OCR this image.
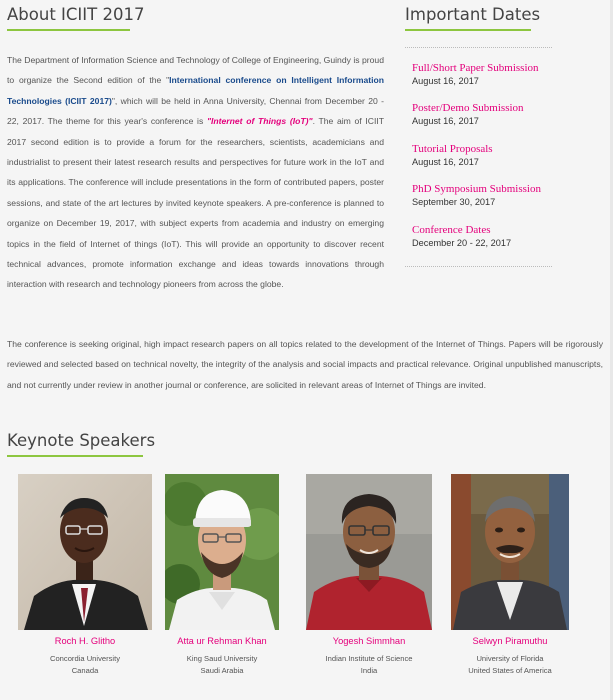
About ICIIT 2017	Important Dates

The Department of Information Science and Technology of College of Engineering, Guindy is proud to organize the Second edition of the "International conference on Intelligent Information Technologies (ICIIT 2017)", which will be held in Anna University, Chennai from December 20 - 22, 2017. The theme for this year's conference is "Internet of Things (IoT)". The aim of ICIIT 2017 second edition is to provide a forum for the researchers, scientists, academicians and industrialist to present their latest research results and perspectives for future work in the IoT and its applications. The conference will include presentations in the form of contributed papers, poster sessions, and state of the art lectures by invited keynote speakers. A pre-conference is planned to organize on December 19, 2017, with subject experts from academia and industry on emerging topics in the field of Internet of things (IoT). This will provide an opportunity to discover recent technical advances, promote information exchange and ideas towards innovations through interaction with research and technology pioneers from across the globe.

The conference is seeking original, high impact research papers on all topics related to the development of the Internet of Things. Papers will be rigorously reviewed and selected based on technical novelty, the integrity of the analysis and social impacts and practical relevance. Original unpublished manuscripts, and not currently under review in another journal or conference, are solicited in relevant areas of Internet of Things are invited.

Full/Short Paper Submission
August 16, 2017
Poster/Demo Submission
August 16, 2017
Tutorial Proposals
August 16, 2017
PhD Symposium Submission
September 30, 2017
Conference Dates
December 20 - 22, 2017
Keynote Speakers
Roch H. Glitho
Concordia University
Canada
Atta ur Rehman Khan
King Saud University
Saudi Arabia
Yogesh Simmhan
Indian Institute of Science
India
Selwyn Piramuthu
University of Florida
United States of America
